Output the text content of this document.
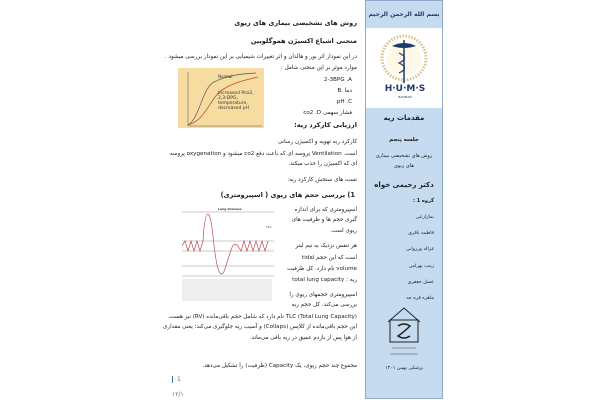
روش های تشخیصی بیماری های ریوی
منحنی اشباع اکسیژن هموگلوبین
در این نمودار اثر بور و هالدان و اثر تغییرات شیمیایی بر این نمودار بررسی میشود .
موارد موثر بر این منحنی شامل :
Normal
Increased Pco2, 2,3-DPG, temperature, decreased pH
2-3BPG .A
دما .B
pH .C
فشار سهمی co2 .D
ارزیابی کارکرد ریه:
کارکرد ریه تهویه و اکسیژن رسانی
است. Ventilation پروسه ای که باعث دفع co2 میشود و oxygenation پروسه
ای که اکسیژن را جذب میکند.
تست های سنجش کارکرد ریه:
1) بررسی حجم های ریوی ( اسپیرومتری)
Lung Volumes
TLC
اسپیرومتری که برای اندازه
گیری حجم ها و ظرفیت های
ریوی است.
هر تنفس نزدیک به نیم لیتر
است که این حجم tidal
volume نام دارد. کل ظرفیت
ریه : total lung capacity
اسپیرومتری حجمهای ریوی را
بررسی می‌کند. کل حجم ریه
TLC (Total Lung Capacity) نام دارد که شامل حجم باقی‌مانده (RV) نیز هست.
این حجم باقی‌مانده از کلاپس (Collaps) و آسیب ریه جلوگیری می‌کند؛ یعنی مقداری
از هوا پس از بازدم عمیق در ریه باقی می‌ماند.
مجموع چند حجم ریوی، یک Capacity (ظرفیت) را تشکیل می‌دهد.
1
۱۲/۱
بسم الله الرحمن الرحیم
H·U·M·S
BAHMAN
مقدمات ریه
جلسه پنجم
روش های تشخیصی بیماری
های ریوی
دکتر رحیمی خواه
گروه 1 :
نمازارعی
فاطمه باقری
غزاله ورزوانی
زینب بهرامی
عسل جعفری
ماهره قره جه
پزشکی بهمن ۱۴۰۱
